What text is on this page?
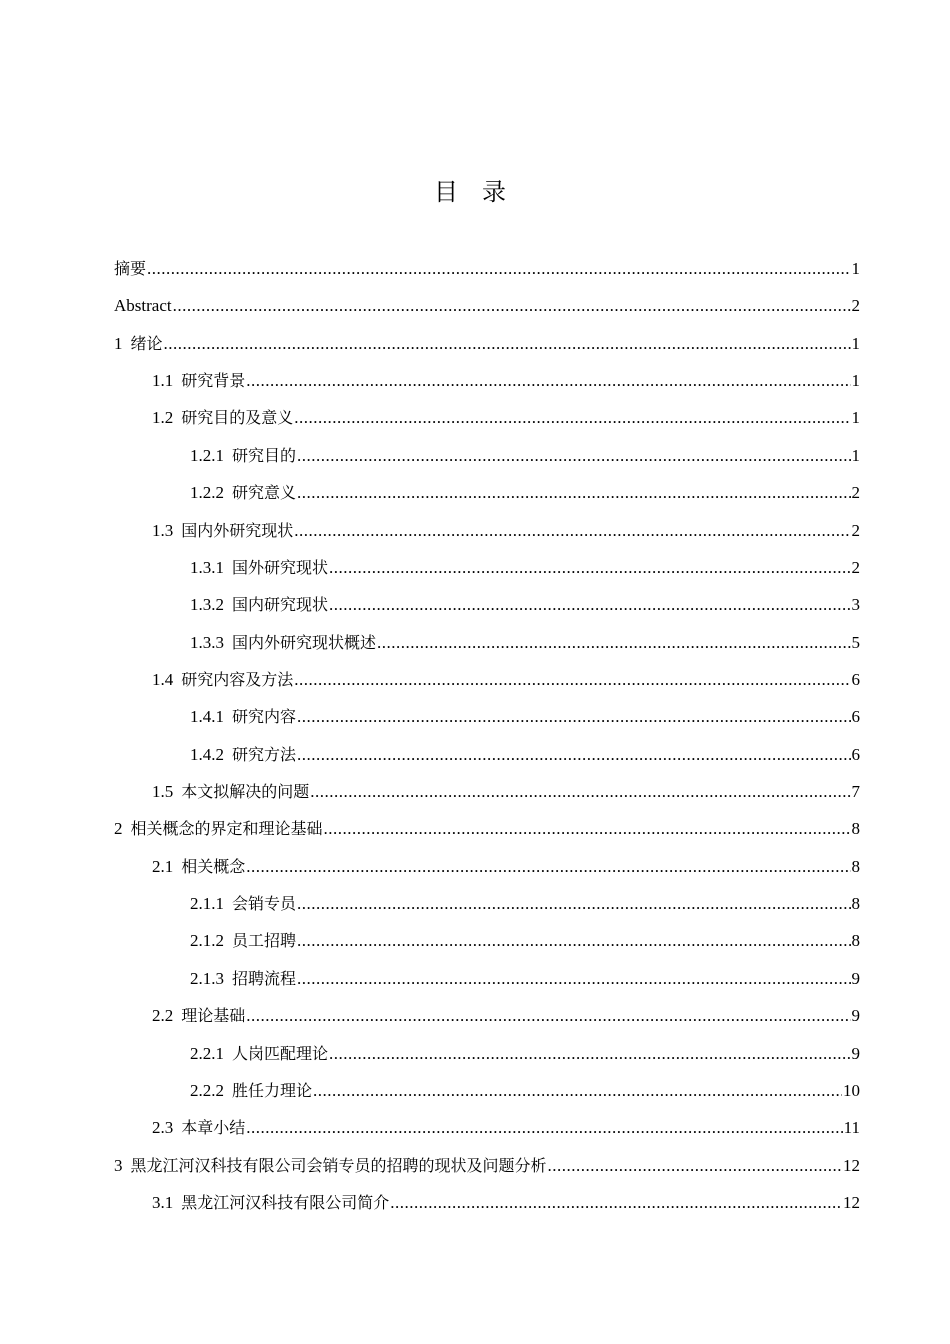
目录
摘要 .....	1
Abstract .....	2
1 绪论 .....	1
1.1 研究背景 .....	1
1.2 研究目的及意义 .....	1
1.2.1 研究目的 .....	1
1.2.2 研究意义 .....	2
1.3 国内外研究现状 .....	2
1.3.1 国外研究现状 .....	2
1.3.2 国内研究现状 .....	3
1.3.3 国内外研究现状概述 .....	5
1.4 研究内容及方法 .....	6
1.4.1 研究内容 .....	6
1.4.2 研究方法 .....	6
1.5 本文拟解决的问题 .....	7
2 相关概念的界定和理论基础 .....	8
2.1 相关概念 .....	8
2.1.1 会销专员 .....	8
2.1.2 员工招聘 .....	8
2.1.3 招聘流程 .....	9
2.2 理论基础 .....	9
2.2.1 人岗匹配理论 .....	9
2.2.2 胜任力理论 .....	10
2.3 本章小结 .....	11
3 黑龙江河汉科技有限公司会销专员的招聘的现状及问题分析 .....	12
3.1 黑龙江河汉科技有限公司简介 .....	12
